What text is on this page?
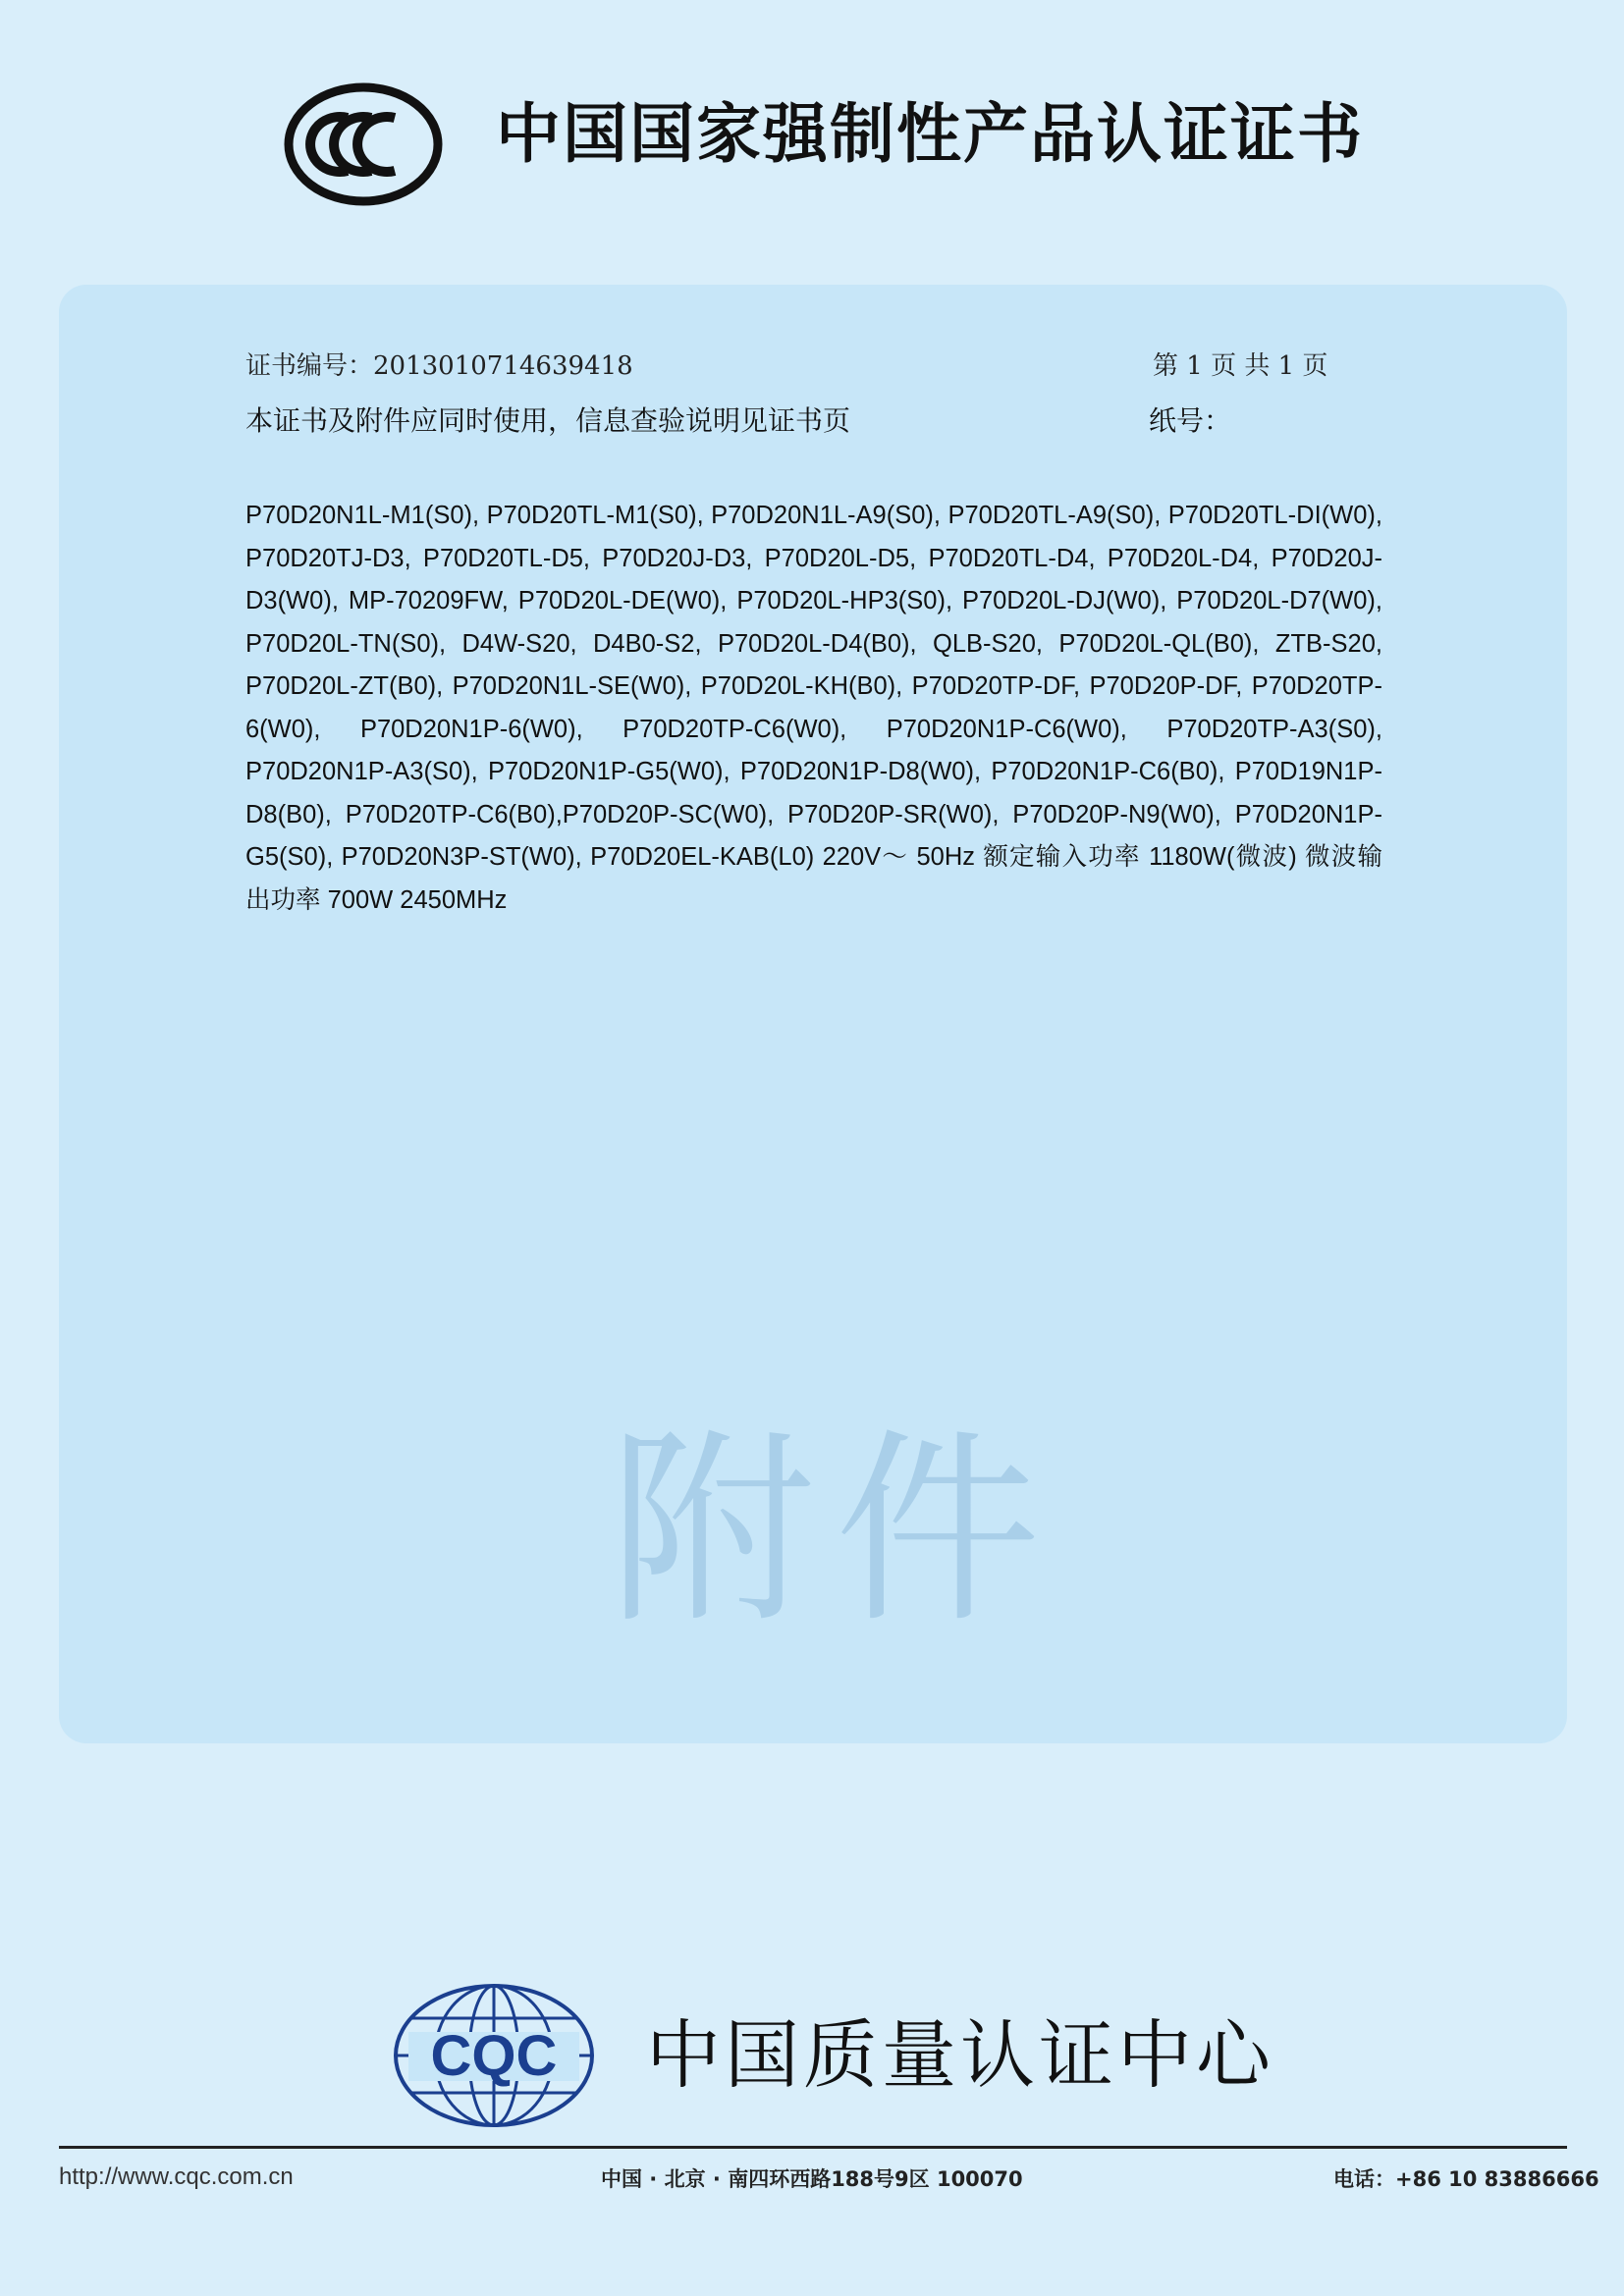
中国国家强制性产品认证证书
证书编号：2013010714639418	第 1 页 共 1 页
本证书及附件应同时使用，信息查验说明见证书页	纸号：
P70D20N1L-M1(S0), P70D20TL-M1(S0), P70D20N1L-A9(S0), P70D20TL-A9(S0), P70D20TL-DI(W0), P70D20TJ-D3, P70D20TL-D5, P70D20J-D3, P70D20L-D5, P70D20TL-D4, P70D20L-D4, P70D20J-D3(W0), MP-70209FW, P70D20L-DE(W0), P70D20L-HP3(S0), P70D20L-DJ(W0), P70D20L-D7(W0), P70D20L-TN(S0), D4W-S20, D4B0-S2, P70D20L-D4(B0), QLB-S20, P70D20L-QL(B0), ZTB-S20, P70D20L-ZT(B0), P70D20N1L-SE(W0), P70D20L-KH(B0), P70D20TP-DF, P70D20P-DF, P70D20TP-6(W0), P70D20N1P-6(W0), P70D20TP-C6(W0), P70D20N1P-C6(W0), P70D20TP-A3(S0), P70D20N1P-A3(S0), P70D20N1P-G5(W0), P70D20N1P-D8(W0), P70D20N1P-C6(B0), P70D19N1P-D8(B0), P70D20TP-C6(B0),P70D20P-SC(W0), P70D20P-SR(W0), P70D20P-N9(W0), P70D20N1P-G5(S0), P70D20N3P-ST(W0), P70D20EL-KAB(L0) 220V～ 50Hz 额定输入功率 1180W(微波) 微波输出功率 700W 2450MHz
附件
CQC 中国质量认证中心
http://www.cqc.com.cn	中国 · 北京 · 南四环西路188号9区 100070	电话：+86 10 83886666
